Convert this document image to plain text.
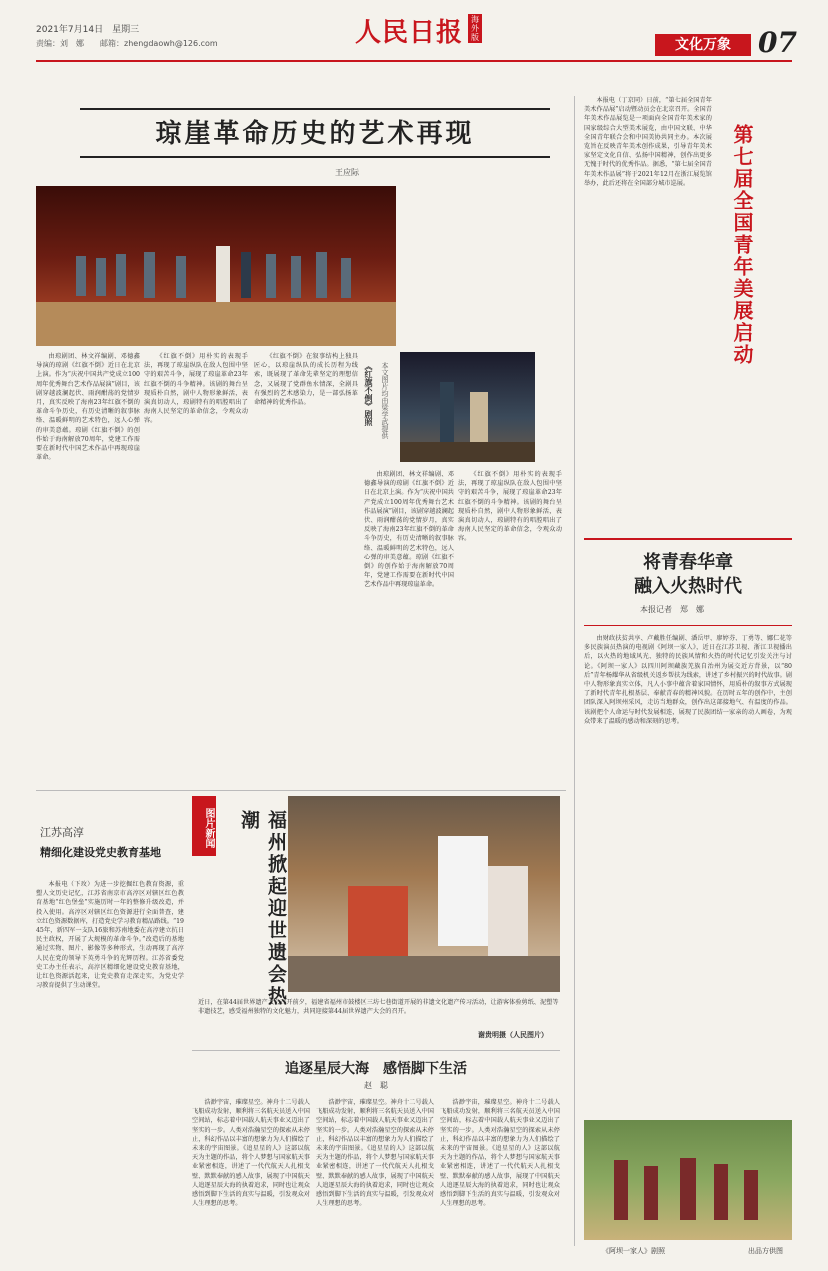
2021年7月14日　星期三
责编：刘　娜　　邮箱：zhengdaowh@126.com	人民日报 海外版	文化万象 07
琼崖革命历史的艺术再现
王应际
《红旗不倒》剧照 本文图片均由梁学武提供

由琼剧团、林文祥编剧、邓德鑫导演的琼剧《红旗不倒》近日在北京上演。作为“庆祝中国共产党成立100周年优秀舞台艺术作品展演”剧目，该剧穿越波澜起伏、雨润酣荡的党情岁月，真实反映了海南23年红旗不倒的革命斗争历史，有历史清晰的叙事脉络、温暖鲜明的艺术特色，远人心弹的审美意蕴。琼剧《红旗不倒》的创作始于海南解放70周年，党建工作需要在新时代中国艺术作品中再现琼崖革命。

《红旗不倒》用朴实的表现手法，再现了琼崖纵队在敌人包围中坚守的艰苦斗争，展现了琼崖革命23年红旗不倒的斗争精神。该剧的舞台呈现质朴自然，剧中人物形象鲜活，表演真切动人，琼剧特有的唱腔唱出了海南人民坚定的革命信念，令观众动容。

《红旗不倒》在叙事结构上独具匠心，以琼崖纵队的成长历程为线索，既展现了革命先辈坚定的理想信念，又展现了党群鱼水情深，全剧具有强烈的艺术感染力，是一部弘扬革命精神的优秀作品。

由琼剧团、林文祥编剧、邓德鑫导演的琼剧《红旗不倒》近日在北京上演。作为“庆祝中国共产党成立100周年优秀舞台艺术作品展演”剧目，该剧穿越波澜起伏、雨润酣荡的党情岁月，真实反映了海南23年红旗不倒的革命斗争历史，有历史清晰的叙事脉络、温暖鲜明的艺术特色，远人心弹的审美意蕴。琼剧《红旗不倒》的创作始于海南解放70周年，党建工作需要在新时代中国艺术作品中再现琼崖革命。

《红旗不倒》用朴实的表现手法，再现了琼崖纵队在敌人包围中坚守的艰苦斗争，展现了琼崖革命23年红旗不倒的斗争精神。该剧的舞台呈现质朴自然，剧中人物形象鲜活，表演真切动人，琼剧特有的唱腔唱出了海南人民坚定的革命信念，令观众动容。

本报电（丁京同）日前，“第七届全国青年美术作品展”启动暨动员会在北京召开。全国青年美术作品展览是一项面向全国青年美术家的国家级综合大型美术展览，由中国文联、中华全国青年联合会和中国美协共同主办。本次展览旨在反映青年美术创作成果，引导青年美术家坚定文化自信、弘扬中国精神，创作出更多无愧于时代的优秀作品。据悉，“第七届全国青年美术作品展”将于2021年12月在浙江展览馆举办，此后还将在全国部分城市巡展。	第七届全国青年美展启动
将青春华章
融入火热时代
本报记者　郑　娜

由财政扶贫共享、卢戴胜任编剧、潘岳甲、廖婷芬、丁勇等、娜仁花等多民族演员热演的电视剧《阿坝一家人》，近日在江苏卫视、浙江卫视播出后，以火热的地域风光、独特的民族风情和火热的时代记忆引发关注与讨论。《阿坝一家人》以四川阿坝藏族羌族自治州为展交近方背景，以“80后”青年杨耀华从省级机关返乡帮扶为线索，讲述了乡村振兴的时代故事。剧中人物形象真实立体，凡人小事中蕴含着家国情怀，用质朴的叙事方式展现了新时代青年扎根基层、奉献青春的精神风貌。在历时五年的创作中，主创团队深入阿坝州采风，走访当地群众，创作出这部接地气、有温度的作品。该剧把个人命运与时代发展相连，展现了民族团结一家亲的动人画卷，为观众带来了温暖的感动和深刻的思考。

《阿坝一家人》剧照	出品方供图
江苏高淳
精细化建设党史教育基地

本报电（下玫）为进一步挖掘红色教育资源，重塑人文历史记忆，江苏省南京市高淳区对辖区红色教育基地“红色堡垒”实施历时一年的整修升级改造，并投入使用。高淳区对辖区红色资源进行全面普查，建立红色资源数据库，打造党史学习教育精品路线。“1945年，新四军一支队16旅和苏南地委在高淳建立抗日民主政权，开展了大规模的革命斗争。”改造后的基地通过实物、图片、影像等多种形式，生动再现了高淳人民在党的领导下英勇斗争的光辉历程。江苏省委党史工办主任表示，高淳区精细化建设党史教育基地，让红色资源活起来，让党史教育走深走实，为党史学习教育提供了生动课堂。

图片新闻	福州掀起迎世遗会热潮
近日，在第44届世界遗产大会召开前夕，福建省福州市鼓楼区三坊七巷街道开展的非遗文化遗产传习活动，让游客体验剪纸、泥塑等非遗技艺，感受福州独特的文化魅力，共同迎接第44届世界遗产大会的召开。
谢贵明摄（人民图片）
追逐星辰大海　感悟脚下生活
赵　聪

浩渺宇宙，璀璨星空。神舟十二号载人飞船成功发射，顺利将三名航天员送入中国空间站，标志着中国载人航天事业又迈出了坚实的一步。人类对浩瀚星空的探索从未停止，科幻作品以丰富的想象力为人们描绘了未来的宇宙图景。《追星星的人》这部以航天为主题的作品，将个人梦想与国家航天事业紧密相连，讲述了一代代航天人扎根戈壁、默默奉献的感人故事，展现了中国航天人追逐星辰大海的执着追求，同时也让观众感悟到脚下生活的真实与温暖，引发观众对人生理想的思考。

浩渺宇宙，璀璨星空。神舟十二号载人飞船成功发射，顺利将三名航天员送入中国空间站，标志着中国载人航天事业又迈出了坚实的一步。人类对浩瀚星空的探索从未停止，科幻作品以丰富的想象力为人们描绘了未来的宇宙图景。《追星星的人》这部以航天为主题的作品，将个人梦想与国家航天事业紧密相连，讲述了一代代航天人扎根戈壁、默默奉献的感人故事，展现了中国航天人追逐星辰大海的执着追求，同时也让观众感悟到脚下生活的真实与温暖，引发观众对人生理想的思考。

浩渺宇宙，璀璨星空。神舟十二号载人飞船成功发射，顺利将三名航天员送入中国空间站，标志着中国载人航天事业又迈出了坚实的一步。人类对浩瀚星空的探索从未停止，科幻作品以丰富的想象力为人们描绘了未来的宇宙图景。《追星星的人》这部以航天为主题的作品，将个人梦想与国家航天事业紧密相连，讲述了一代代航天人扎根戈壁、默默奉献的感人故事，展现了中国航天人追逐星辰大海的执着追求，同时也让观众感悟到脚下生活的真实与温暖，引发观众对人生理想的思考。
